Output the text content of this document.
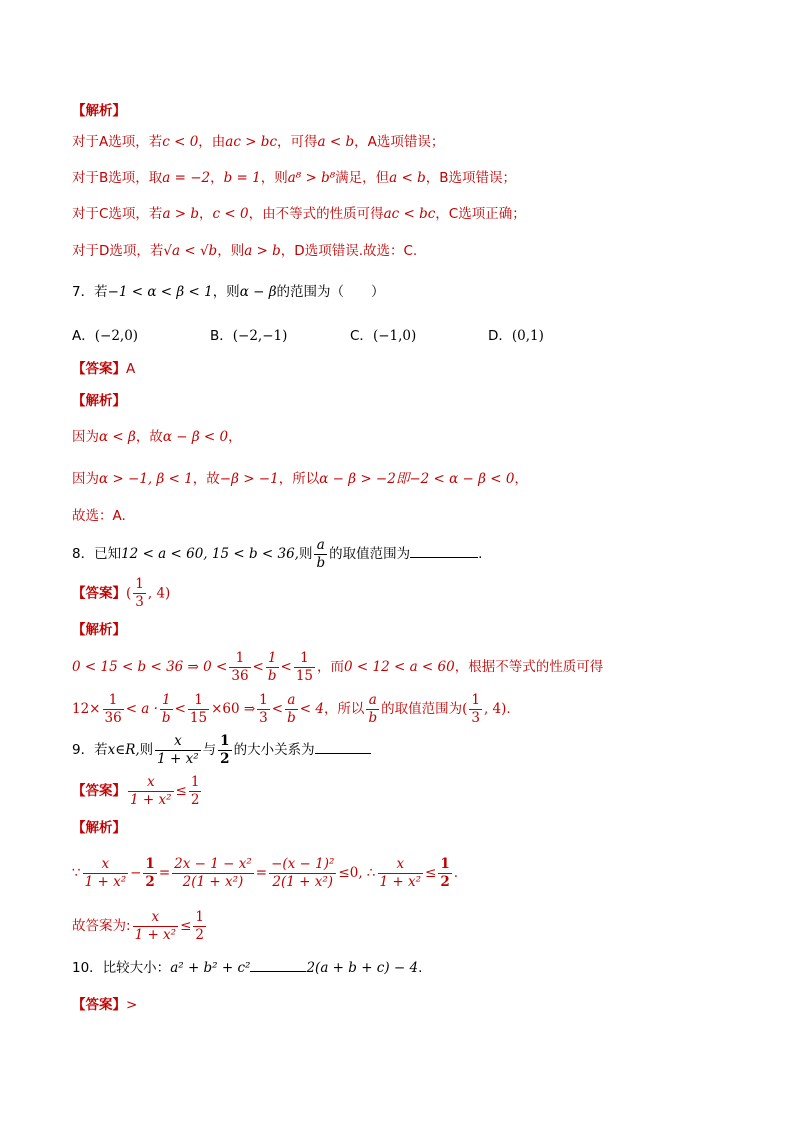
【解析】
对于A选项，若c < 0，由ac > bc，可得a < b，A选项错误；
对于B选项，取a = −2，b = 1，则a⁸ > b⁸满足，但a < b，B选项错误；
对于C选项，若a > b，c < 0，由不等式的性质可得ac < bc，C选项正确；
对于D选项，若√a < √b，则a > b，D选项错误.故选：C.
7．若−1 < α < β < 1，则α − β的范围为（　　）
A．(−2,0)	B．(−2,−1)	C．(−1,0)	D．(0,1)
【答案】A
【解析】
因为α < β，故α − β < 0，
因为α > −1, β < 1，故−β > −1，所以α − β > −2即−2 < α − β < 0，
故选：A.
8．已知12 < a < 60, 15 < b < 36,则 $\frac{a}{b}$ 的取值范围为	.
【答案】( $\frac{1}{3}$ , 4)
【解析】
0 < 15 < b < 36 ⇒ $0 < \frac{1}{36} < \frac{1}{b} < \frac{1}{15}$ ，而0 < 12 < a < 60，根据不等式的性质可得
$12\times \frac{1}{36} < a \cdot \frac{1}{b} < \frac{1}{15} \times 60$ ⇒ $\frac{1}{3} < \frac{a}{b} < 4$，所以 $\frac{a}{b}$ 的取值范围为( $\frac{1}{3}$ , 4).
9．若x∈R,则 $\frac{x}{\text{1 + x²}}$ 与 $\frac{1}{2}$ 的大小关系为
【答案】 $\frac{x}{\text{1 + x²}} \le \frac{1}{2}$
【解析】
∵ $\frac{x}{\text{1 + x²}} - \frac{1}{2} = \frac{\text{2x − 1 − x²}}{\text{2(1 + x²)}} = \frac{\text{−(x − 1)²}}{\text{2(1 + x²)}} \le 0$, ∴ $\frac{x}{\text{1 + x²}} \le \frac{1}{2}$ .
故答案为: $\frac{x}{\text{1 + x²}} \le \frac{1}{2}$
10．比较大小：a² + b² + c²	2(a + b + c) − 4.
【答案】>
